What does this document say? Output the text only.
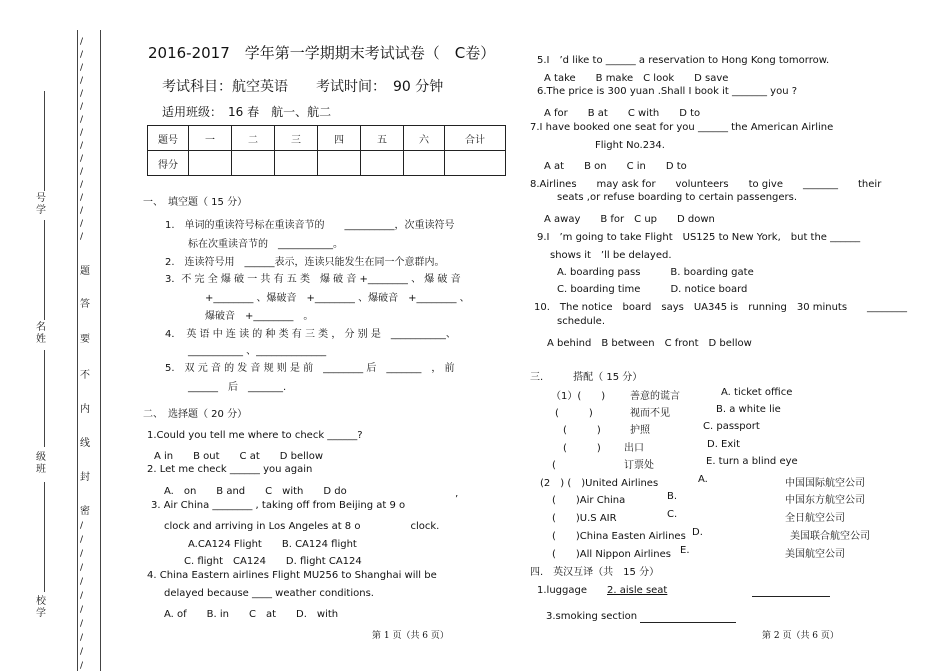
/
/
/
/
/
/
/
/
/
/
/
/
/
/
/
/
/
/
/
/
/
/
/
/
/
/
/
题
答
要
不
内
线
封
密
号学
名姓
级班
校学
2016-2017　学年第一学期期末考试试卷（　C卷）
考试科目：航空英语　　考试时间：　90 分钟
适用班级：　16 春　航一、航二
题号	一	二	三	四	五	六	合计
得分							
一、　填空题（ 15 分）
1.　单词的重读符号标在重读音节的　　__________，次重读符号
标在次重读音节的　___________。
2.　连读符号用　______表示，连读只能发生在同一个意群内。
3．不 完 全 爆 破 一 共 有 五 类　爆 破 音 +________ 、 爆 破 音
+________ 、爆破音　+________ 、爆破音　+________ 、
爆破音　+________　。
4．　英 语 中 连 读 的 种 类 有 三 类 ， 分 别 是　___________、
___________ 、______________
5.　双 元 音 的 发 音 规 则 是 前　________ 后　_______　， 前
______　后　_______.
二、　选择题（ 20 分）
1.Could you tell me where to check ______?
A in　　B out　　C at　　D bellow
2. Let me check ______ you again
A.　on　　B and　　C　with　　D do
3. Air China ________ , taking off from Beijing at 9 o
’
clock and arriving in Los Angeles at 8 o　　　　　clock.
A.CA124 Flight　　B. CA124 flight
C. flight　CA124　　D. flight CA124
4. China Eastern airlines Flight MU256 to Shanghai will be
delayed because ____ weather conditions.
A. of　　B. in　　C　at　　D.　with
第 1 页（共 6 页）
5.I　’d like to ______ a reservation to Hong Kong tomorrow.
A take　　B make　C look　　D save
6.The price is 300 yuan .Shall I book it _______ you ?
A for　　B at　　C with　　D to
7.I have booked one seat for you ______ the American Airline
Flight No.234.
A at　　B on　　C in　　D to
8.Airlines　　may ask for　　volunteers　　to give　　_______　　their
seats ,or refuse boarding to certain passengers.
A away　　B for　C up　　D down
9.I　’m going to take Flight　US125 to New York,　but the ______
shows it　’ll be delayed.
A. boarding pass　　　B. boarding gate
C. boarding time　　　D. notice board
10.　The notice　board　says　UA345 is　running　30 minuts　　________
schedule.
A behind　B between　C front　D bellow
三.　　　搭配（ 15 分）
（1）(　　) 善意的谎言	A. ticket office
(　　　)	视而不见	B. a white lie
(　　　)	护照	C. passport
(　　　) 出口	D. Exit
(　　　　	订票处	E. turn a blind eye
(2　) (　)United Airlines	A.	中国国际航空公司
(　　)Air China	B.	中国东方航空公司
(　　)U.S AIR	C.	全日航空公司
(　　)China Easten Airlines D.	美国联合航空公司
(　　)All Nippon Airlines E.	美国航空公司
四.　英汉互译（共　15 分）
1.luggage 2. aisle seat
3.smoking section
第 2 页（共 6 页）
